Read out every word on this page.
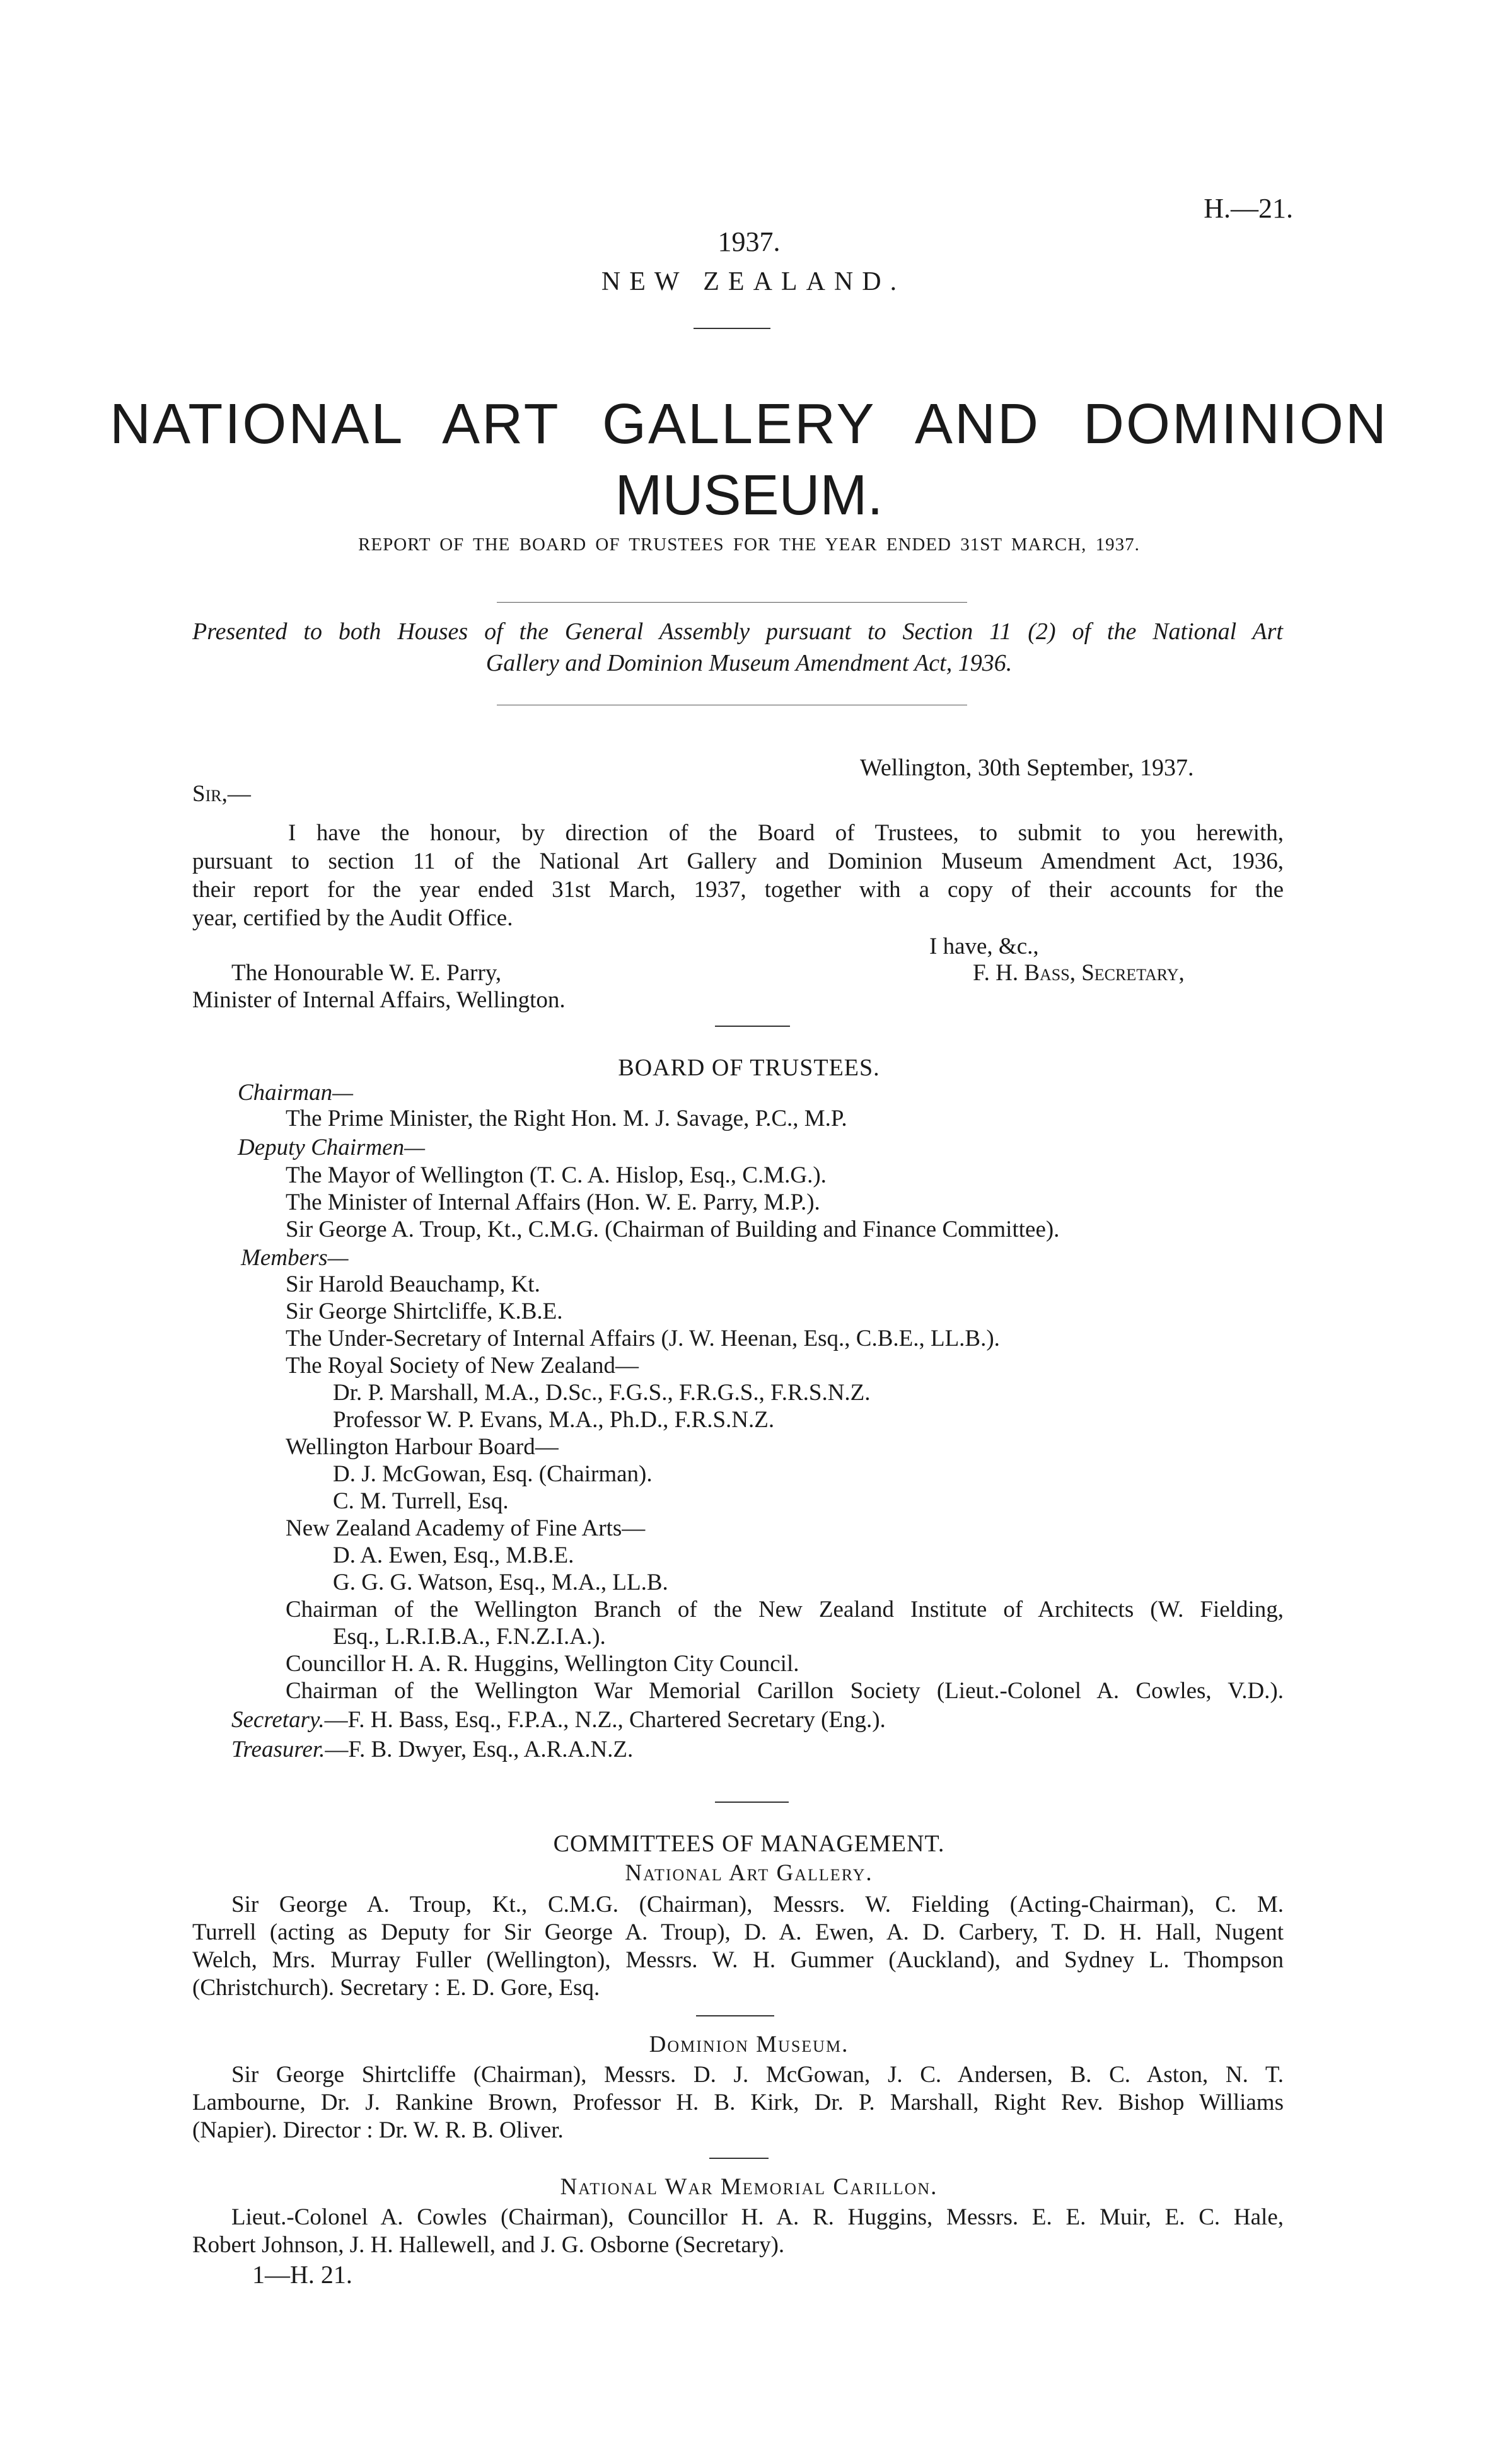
H.—21.
1937.
NEW ZEALAND.
NATIONAL ART GALLERY AND DOMINION
MUSEUM.
REPORT OF THE BOARD OF TRUSTEES FOR THE YEAR ENDED 31ST MARCH, 1937.
Presented to both Houses of the General Assembly pursuant to Section 11 (2) of the National Art
Gallery and Dominion Museum Amendment Act, 1936.
Wellington, 30th September, 1937.
Sir,—
I have the honour, by direction of the Board of Trustees, to submit to you herewith,
pursuant to section 11 of the National Art Gallery and Dominion Museum Amendment Act, 1936,
their report for the year ended 31st March, 1937, together with a copy of their accounts for the
year, certified by the Audit Office.
I have, &c.,
The Honourable W. E. Parry,	F. H. Bass, Secretary,
Minister of Internal Affairs, Wellington.
BOARD OF TRUSTEES.
Chairman—
The Prime Minister, the Right Hon. M. J. Savage, P.C., M.P.
Deputy Chairmen—
The Mayor of Wellington (T. C. A. Hislop, Esq., C.M.G.).
The Minister of Internal Affairs (Hon. W. E. Parry, M.P.).
Sir George A. Troup, Kt., C.M.G. (Chairman of Building and Finance Committee).
Members—
Sir Harold Beauchamp, Kt.
Sir George Shirtcliffe, K.B.E.
The Under-Secretary of Internal Affairs (J. W. Heenan, Esq., C.B.E., LL.B.).
The Royal Society of New Zealand—
Dr. P. Marshall, M.A., D.Sc., F.G.S., F.R.G.S., F.R.S.N.Z.
Professor W. P. Evans, M.A., Ph.D., F.R.S.N.Z.
Wellington Harbour Board—
D. J. McGowan, Esq. (Chairman).
C. M. Turrell, Esq.
New Zealand Academy of Fine Arts—
D. A. Ewen, Esq., M.B.E.
G. G. G. Watson, Esq., M.A., LL.B.
Chairman of the Wellington Branch of the New Zealand Institute of Architects (W. Fielding,
Esq., L.R.I.B.A., F.N.Z.I.A.).
Councillor H. A. R. Huggins, Wellington City Council.
Chairman of the Wellington War Memorial Carillon Society (Lieut.-Colonel A. Cowles, V.D.).
Secretary.—F. H. Bass, Esq., F.P.A., N.Z., Chartered Secretary (Eng.).
Treasurer.—F. B. Dwyer, Esq., A.R.A.N.Z.
COMMITTEES OF MANAGEMENT.
National Art Gallery.
Sir George A. Troup, Kt., C.M.G. (Chairman), Messrs. W. Fielding (Acting-Chairman), C. M.
Turrell (acting as Deputy for Sir George A. Troup), D. A. Ewen, A. D. Carbery, T. D. H. Hall, Nugent
Welch, Mrs. Murray Fuller (Wellington), Messrs. W. H. Gummer (Auckland), and Sydney L. Thompson
(Christchurch). Secretary : E. D. Gore, Esq.
Dominion Museum.
Sir George Shirtcliffe (Chairman), Messrs. D. J. McGowan, J. C. Andersen, B. C. Aston, N. T.
Lambourne, Dr. J. Rankine Brown, Professor H. B. Kirk, Dr. P. Marshall, Right Rev. Bishop Williams
(Napier). Director : Dr. W. R. B. Oliver.
National War Memorial Carillon.
Lieut.-Colonel A. Cowles (Chairman), Councillor H. A. R. Huggins, Messrs. E. E. Muir, E. C. Hale,
Robert Johnson, J. H. Hallewell, and J. G. Osborne (Secretary).
1—H. 21.
